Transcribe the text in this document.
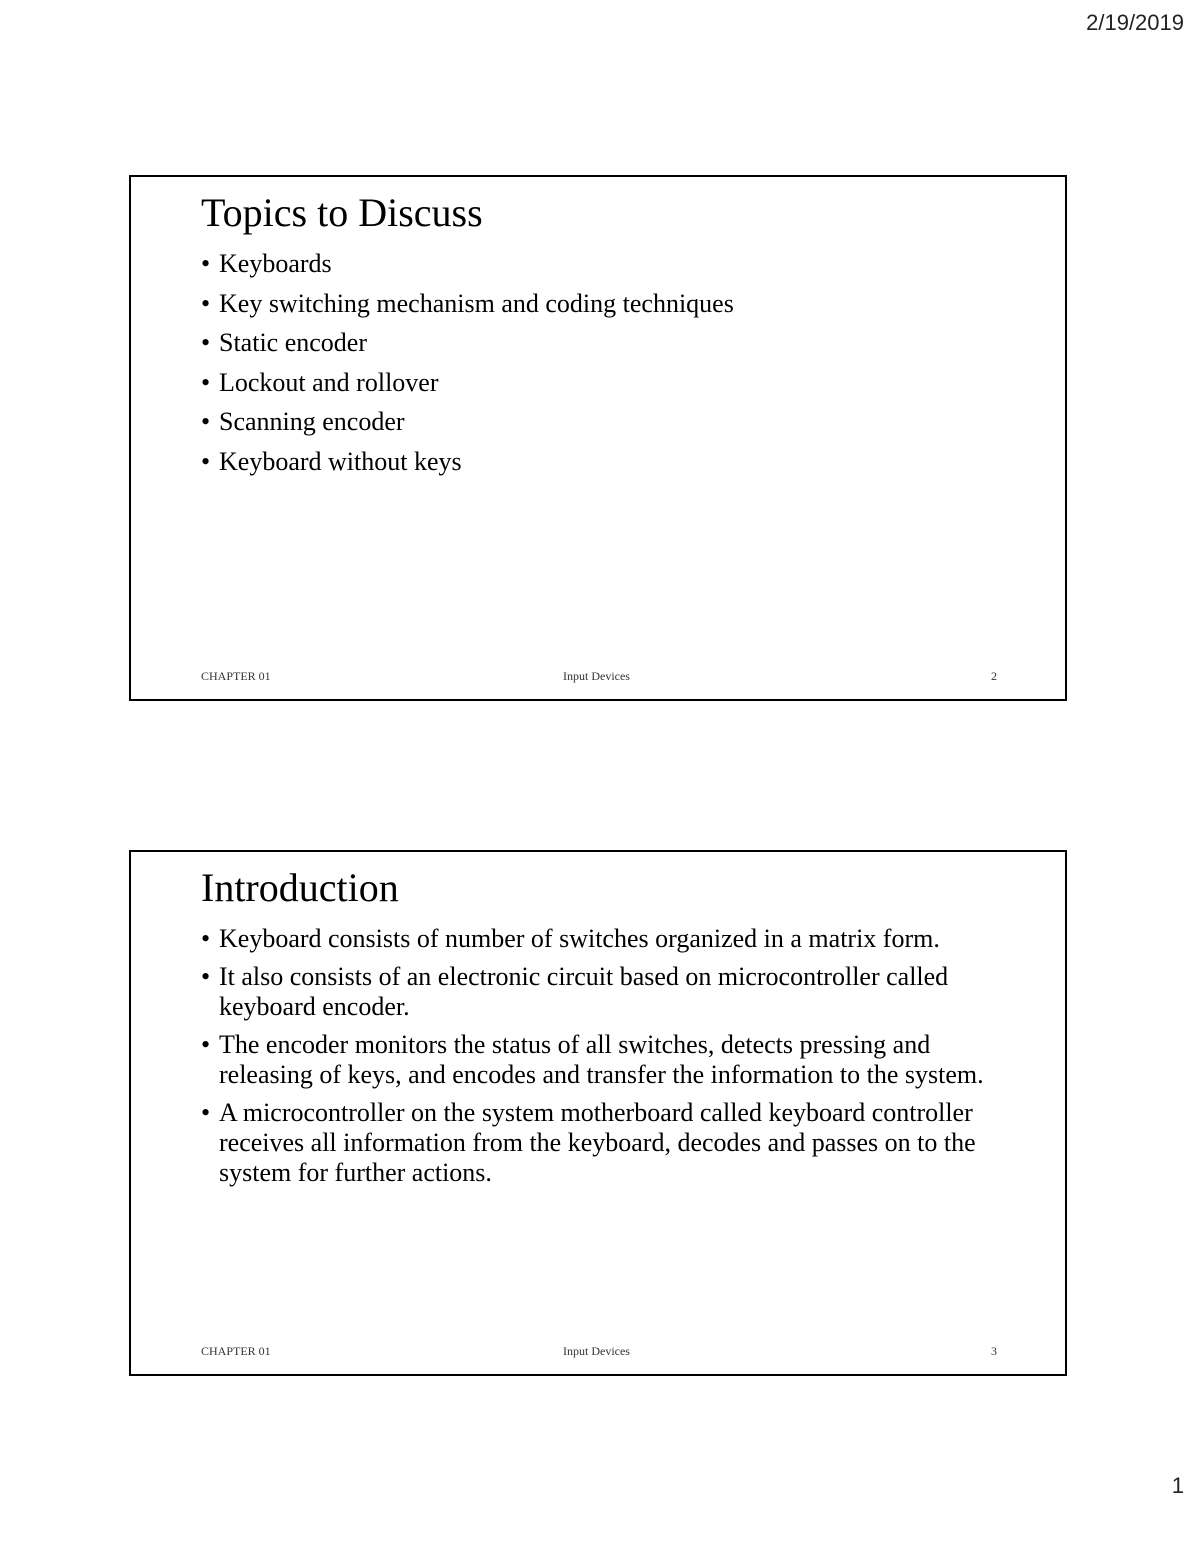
2/19/2019
Topics to Discuss
• Keyboards
• Key switching mechanism and coding techniques
• Static encoder
• Lockout and rollover
• Scanning encoder
• Keyboard without keys
CHAPTER 01	Input Devices	2
Introduction
• Keyboard consists of number of switches organized in a matrix form.
• It also consists of an electronic circuit based on microcontroller called keyboard encoder.
• The encoder monitors the status of all switches, detects pressing and releasing of keys, and encodes and transfer the information to the system.
• A microcontroller on the system motherboard called keyboard controller receives all information from the keyboard, decodes and passes on to the system for further actions.
CHAPTER 01	Input Devices	3
1
